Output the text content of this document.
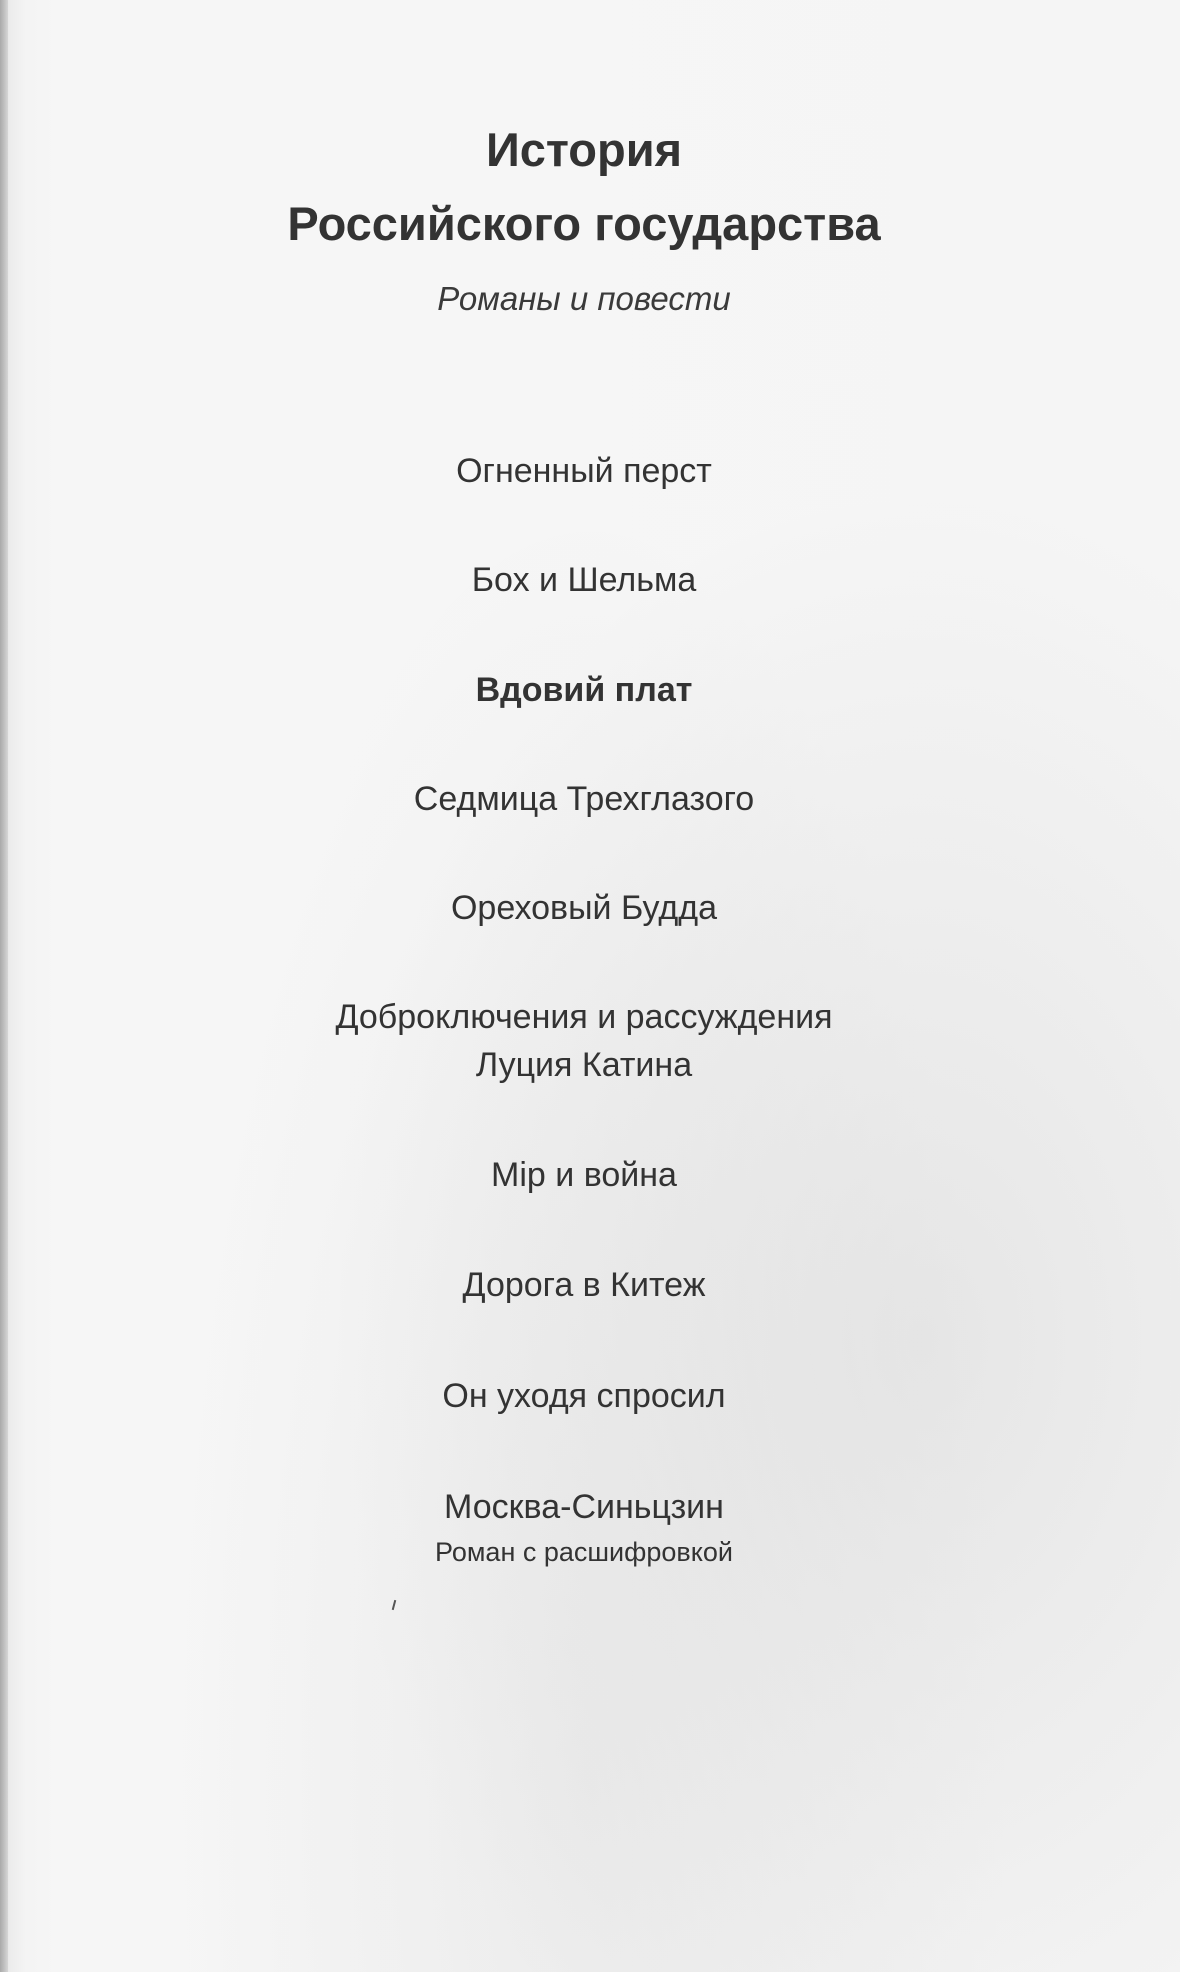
История
Российского государства
Романы и повести
Огненный перст
Бох и Шельма
Вдовий плат
Седмица Трехглазого
Ореховый Будда
Доброключения и рассуждения
Луция Катина
Мiр и война
Дорога в Китеж
Он уходя спросил
Москва-Синьцзин
Роман с расшифровкой
